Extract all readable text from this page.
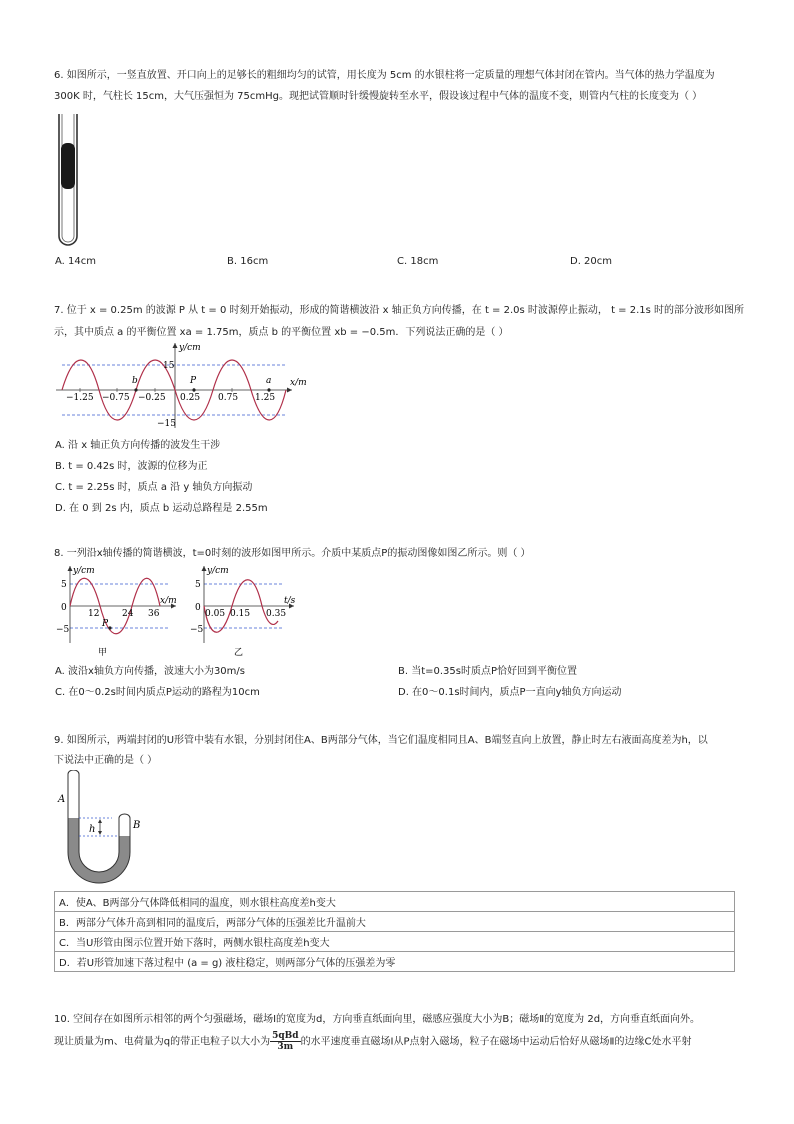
6. 如图所示，一竖直放置、开口向上的足够长的粗细均匀的试管，用长度为 5cm 的水银柱将一定质量的理想气体封闭在管内。当气体的热力学温度为
300K 时，气柱长 15cm，大气压强恒为 75cmHg。现把试管顺时针缓慢旋转至水平，假设该过程中气体的温度不变，则管内气柱的长度变为（ ）
A. 14cm	B. 16cm	C. 18cm	D. 20cm
7. 位于 x = 0.25m 的波源 P 从 t = 0 时刻开始振动，形成的简谐横波沿 x 轴正负方向传播，在 t = 2.0s 时波源停止振动， t = 2.1s 时的部分波形如图所
示，其中质点 a 的平衡位置 xa = 1.75m，质点 b 的平衡位置 xb = −0.5m．下列说法正确的是（ ）
y/cm
x/m
15
−15
−1.25 −0.75 −0.25 0.25 0.75 1.25
b	P	a
A. 沿 x 轴正负方向传播的波发生干涉
B. t = 0.42s 时，波源的位移为正
C. t = 2.25s 时，质点 a 沿 y 轴负方向振动
D. 在 0 到 2s 内，质点 b 运动总路程是 2.55m
8. 一列沿x轴传播的简谐横波，t=0时刻的波形如图甲所示。介质中某质点P的振动图像如图乙所示。则（ ）
y/cm
x/m
5
0
−5
12	24 36
P
甲
y/cm
t/s
5
0
−5
0.05 0.15 0.35
乙
A. 波沿x轴负方向传播，波速大小为30m/s	B. 当t=0.35s时质点P恰好回到平衡位置
C. 在0～0.2s时间内质点P运动的路程为10cm	D. 在0～0.1s时间内，质点P一直向y轴负方向运动
9. 如图所示，两端封闭的U形管中装有水银，分别封闭住A、B两部分气体，当它们温度相同且A、B端竖直向上放置，静止时左右液面高度差为h，以
下说法中正确的是（ ）
h
A
B
A．使A、B两部分气体降低相同的温度，则水银柱高度差h变大
B．两部分气体升高到相同的温度后，两部分气体的压强差比升温前大
C．当U形管由图示位置开始下落时，两侧水银柱高度差h变大
D．若U形管加速下落过程中 (a = g) 液柱稳定，则两部分气体的压强差为零
10. 空间存在如图所示相邻的两个匀强磁场，磁场Ⅰ的宽度为d，方向垂直纸面向里，磁感应强度大小为B；磁场Ⅱ的宽度为 2d，方向垂直纸面向外。
现让质量为m、电荷量为q的带正电粒子以大小为 $\frac{\text{5qBd}}{3m}$ 的水平速度垂直磁场Ⅰ从P点射入磁场，粒子在磁场中运动后恰好从磁场Ⅱ的边缘C处水平射
